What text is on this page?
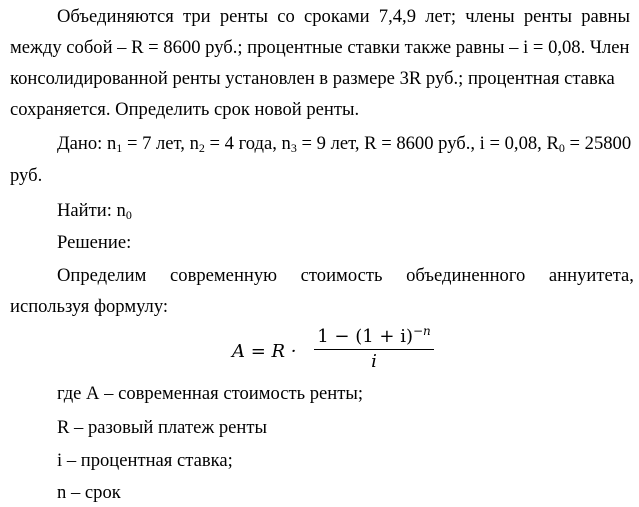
Объединяются три ренты со сроками 7,4,9 лет; члены ренты равны
между собой – R = 8600 руб.; процентные ставки также равны – i = 0,08. Член
консолидированной ренты установлен в размере 3R руб.; процентная ставка
сохраняется. Определить срок новой ренты.
Дано: $n_1 = 7$ лет, $n_2 = 4$ года, $n_3 = 9$ лет, R = 8600 руб., i = 0,08, $R_0 = 25800$
руб.
Найти: $n_0$
Решение:
Определим современную стоимость объединенного аннуитета,
используя формулу:
A = R ·
$1 - (1 + i)^{-n}$
i
где А – современная стоимость ренты;
R – разовый платеж ренты
i – процентная ставка;
n – срок
